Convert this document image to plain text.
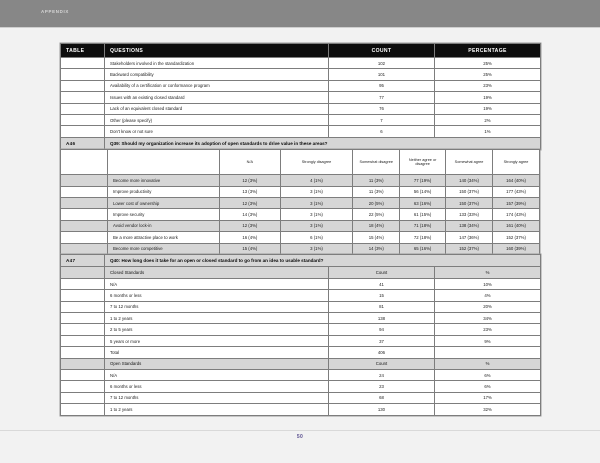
APPENDIX
TABLE	QUESTIONS	COUNT	PERCENTAGE
	Stakeholders involved in the standardization	102	25%
	Backward compatibility	101	25%
	Availability of a certification or conformance program	95	23%
	Issues with an existing closed standard	77	19%
	Lack of an equivalent closed standard	76	19%
	Other (please specify)	7	2%
	Don't know or not sure	6	1%
A46	Q39: Should my organization increase its adoption of open standards to drive value in these areas?		
		N/A	Strongly disagree	Somewhat disagree	Neither agree or disagree	Somewhat agree	Strongly agree
	Become more innovative	12 (3%)	4 (1%)	11 (3%)	77 (19%)	140 (34%)	164 (40%)
	Improve productivity	13 (3%)	3 (1%)	11 (3%)	56 (14%)	150 (37%)	177 (43%)
	Lower cost of ownership	12 (3%)	3 (1%)	20 (5%)	63 (16%)	150 (37%)	157 (39%)
	Improve security	14 (3%)	3 (1%)	22 (5%)	61 (15%)	133 (33%)	174 (43%)
	Avoid vendor lock-in	12 (3%)	3 (1%)	18 (4%)	71 (18%)	138 (34%)	161 (40%)
	Be a more attractive place to work	16 (4%)	6 (1%)	15 (4%)	72 (18%)	147 (36%)	152 (37%)
	Become more competitive	15 (4%)	3 (1%)	14 (3%)	65 (16%)	152 (37%)	160 (39%)
A47	Q40: How long does it take for an open or closed standard to go from an idea to usable standard?		
	Closed Standards	Count	%
	N/A	41	10%
	6 months or less	15	4%
	7 to 12 months	81	20%
	1 to 2 years	138	34%
	2 to 5 years	94	23%
	5 years or more	37	9%
	Total	406	
	Open Standards	Count	%
	N/A	24	6%
	6 months or less	23	6%
	7 to 12 months	68	17%
	1 to 2 years	130	32%
50
